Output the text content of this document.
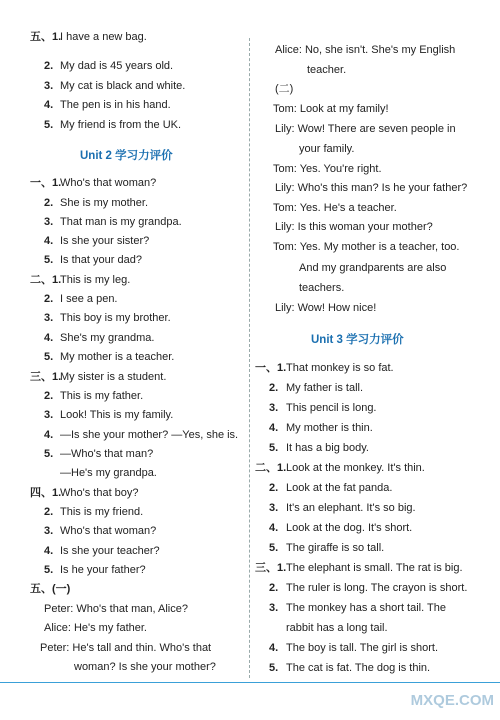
五、1.
I have a new bag.
2. My dad is 45 years old.
3. My cat is black and white.
4. The pen is in his hand.
5. My friend is from the UK.
一、1.
Who's that woman?
2. She is my mother.
3. That man is my grandpa.
4. Is she your sister?
5. Is that your dad?
二、1.
This is my leg.
2. I see a pen.
3. This boy is my brother.
4. She's my grandma.
5. My mother is a teacher.
三、1.
My sister is a student.
2. This is my father.
3. Look! This is my family.
4. —Is she your mother? —Yes, she is.
5. —Who's that man?
—He's my grandpa.
四、1.
Who's that boy?
2. This is my friend.
3. Who's that woman?
4. Is she your teacher?
5. Is he your father?
五、(一)
Peter: Who's that man, Alice?
Alice: He's my father.
Peter: He's tall and thin. Who's that
woman? Is she your mother?
Unit 2 学习力评价
Alice: No, she isn't. She's my English
teacher.
(二)
Tom: Look at my family!
Lily: Wow! There are seven people in
your family.
Tom: Yes. You're right.
Lily: Who's this man? Is he your father?
Tom: Yes. He's a teacher.
Lily: Is this woman your mother?
Tom: Yes. My mother is a teacher, too.
And my grandparents are also
teachers.
Lily: Wow! How nice!
一、1. That monkey is so fat.
2. My father is tall.
3. This pencil is long.
4. My mother is thin.
5. It has a big body.
二、1. Look at the monkey. It's thin.
2. Look at the fat panda.
3. It's an elephant. It's so big.
4. Look at the dog. It's short.
5. The giraffe is so tall.
三、1. The elephant is small. The rat is big.
2. The ruler is long. The crayon is short.
3. The monkey has a short tail. The
rabbit has a long tail.
4. The boy is tall. The girl is short.
5. The cat is fat. The dog is thin.
Unit 3 学习力评价
MXQE.COM
